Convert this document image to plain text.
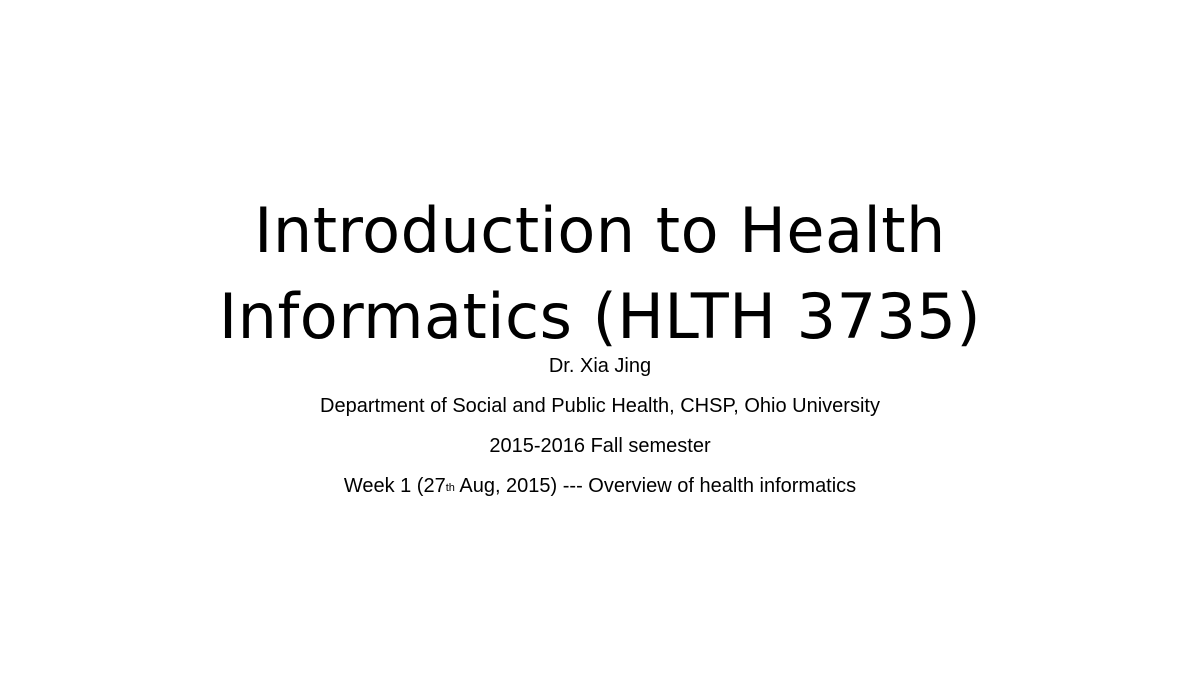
Introduction to Health
Informatics (HLTH 3735)
Dr. Xia Jing
Department of Social and Public Health, CHSP, Ohio University
2015-2016 Fall semester
Week 1 (27th Aug, 2015) --- Overview of health informatics
